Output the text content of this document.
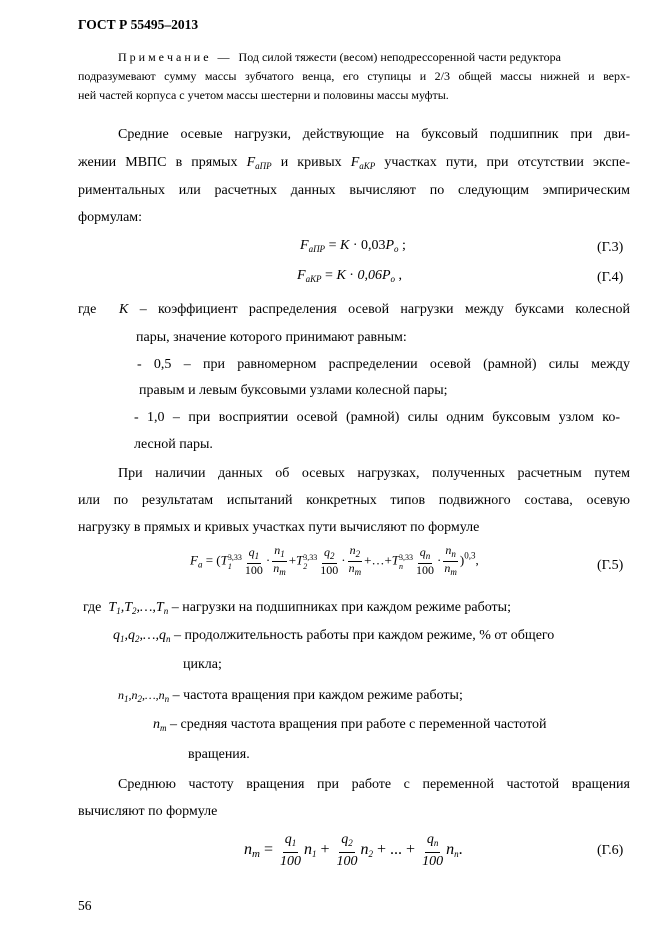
ГОСТ Р 55495–2013
П р и м е ч а н и е — Под силой тяжести (весом) неподрессоренной части редуктора
подразумевают сумму массы зубчатого венца, его ступицы и 2/3 общей массы нижней и верх-
ней частей корпуса с учетом массы шестерни и половины массы муфты.
Средние осевые нагрузки, действующие на буксовый подшипник при дви-
жении МВПС в прямых $F_{аПР}$ и кривых $F_{аКР}$ участках пути, при отсутствии экспе-
риментальных или расчетных данных вычисляют по следующим эмпирическим
формулам:
$F_{аПР} = K \cdot 0,03P_o$ ;	(Г.3)
$F_{аКР} = K \cdot 0,06P_o$ ,	(Г.4)
где K – коэффициент распределения осевой нагрузки между буксами колесной
пары, значение которого принимают равным:
- 0,5 – при равномерном распределении осевой (рамной) силы между
правым и левым буксовыми узлами колесной пары;
- 1,0 – при восприятии осевой (рамной) силы одним буксовым узлом ко-
лесной пары.
При наличии данных об осевых нагрузках, полученных расчетным путем
или по результатам испытаний конкретных типов подвижного состава, осевую
нагрузку в прямых и кривых участках пути вычисляют по формуле
$F_a = (T$ 3,33
$1 \frac{q_1}{100} \cdot \frac{n_1}{n_m} +T$ 3,33
$2 \frac{q_2}{100} \cdot \frac{n_2}{n_m}$ +…+T 3,33
n $\frac{q_n}{100} \cdot \frac{n_n}{n_m} )^{0,3}$,	(Г.5)
где $T_1,T_2,\dots,T_n$ – нагрузки на подшипниках при каждом режиме работы;
$q_1,q_2,\dots,q_n$ – продолжительность работы при каждом режиме, % от общего
цикла;
$n_1,n_2,\dots,n_n$ – частота вращения при каждом режиме работы;
$n_m$ – средняя частота вращения при работе с переменной частотой
вращения.
Среднюю частоту вращения при работе с переменной частотой вращения
вычисляют по формуле
$n_m = \frac{q_1}{100} n_1 + \frac{q_2}{100} n_2$ + ... + $\frac{q_n}{100} n_n$.	(Г.6)
56
